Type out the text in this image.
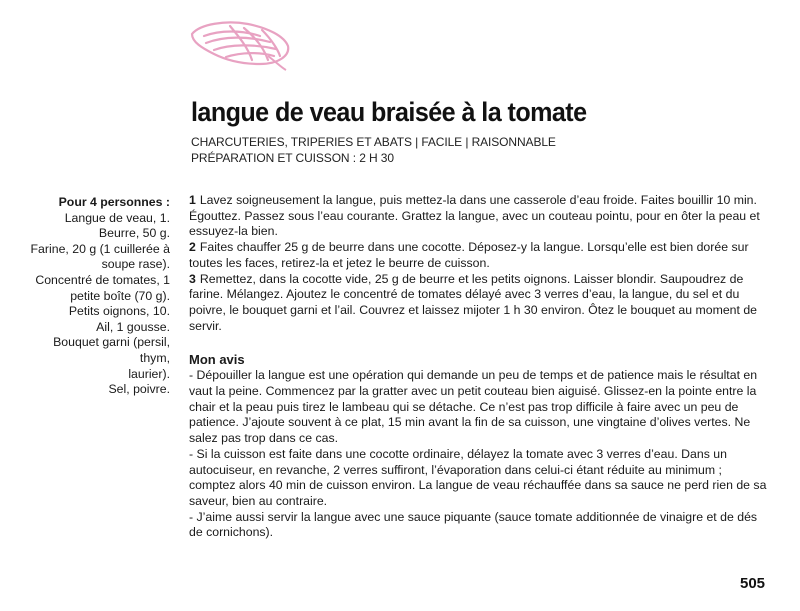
langue de veau braisée à la tomate
CHARCUTERIES, TRIPERIES ET ABATS | FACILE | RAISONNABLE
PRÉPARATION ET CUISSON : 2 H 30
Pour 4 personnes :
Langue de veau, 1.
Beurre, 50 g.
Farine, 20 g (1 cuillerée à
soupe rase).
Concentré de tomates, 1
petite boîte (70 g).
Petits oignons, 10.
Ail, 1 gousse.
Bouquet garni (persil, thym,
laurier).
Sel, poivre.

1 Lavez soigneusement la langue, puis mettez-la dans une casserole d’eau froide. Faites bouillir 10 min. Égouttez. Passez sous l’eau courante. Grattez la langue, avec un couteau pointu, pour en ôter la peau et essuyez-la bien.

2 Faites chauffer 25 g de beurre dans une cocotte. Déposez-y la langue. Lorsqu’elle est bien dorée sur toutes les faces, retirez-la et jetez le beurre de cuisson.

3 Remettez, dans la cocotte vide, 25 g de beurre et les petits oignons. Laisser blondir. Saupoudrez de farine. Mélangez. Ajoutez le concentré de tomates délayé avec 3 verres d’eau, la langue, du sel et du poivre, le bouquet garni et l’ail. Couvrez et laissez mijoter 1 h 30 environ. Ôtez le bouquet au moment de servir.

Mon avis

- Dépouiller la langue est une opération qui demande un peu de temps et de patience mais le résultat en vaut la peine. Commencez par la gratter avec un petit couteau bien aiguisé. Glissez-en la pointe entre la chair et la peau puis tirez le lambeau qui se détache. Ce n’est pas trop difficile à faire avec un peu de patience. J’ajoute souvent à ce plat, 15 min avant la fin de sa cuisson, une vingtaine d’olives vertes. Ne salez pas trop dans ce cas.

- Si la cuisson est faite dans une cocotte ordinaire, délayez la tomate avec 3 verres d’eau. Dans un autocuiseur, en revanche, 2 verres suffiront, l’évaporation dans celui-ci étant réduite au minimum ; comptez alors 40 min de cuisson environ. La langue de veau réchauffée dans sa sauce ne perd rien de sa saveur, bien au contraire.

- J’aime aussi servir la langue avec une sauce piquante (sauce tomate additionnée de vinaigre et de dés de cornichons).

505
